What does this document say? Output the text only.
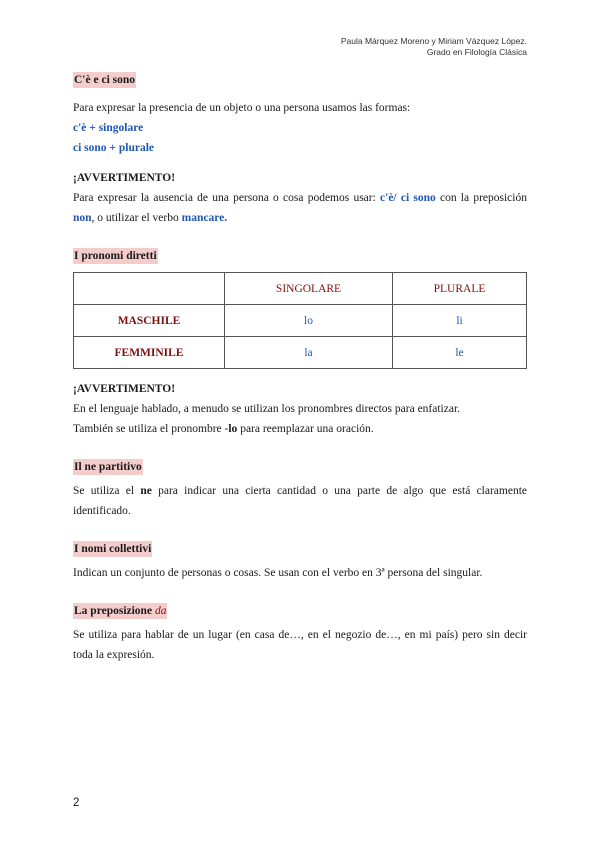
Paula Márquez Moreno y Miriam Vázquez López.
Grado en Filología Clásica
C'è e ci sono

Para expresar la presencia de un objeto o una persona usamos las formas:

c'è + singolare

ci sono + plurale

¡AVVERTIMENTO!

Para expresar la ausencia de una persona o cosa podemos usar: c'è/ ci sono con la preposición non, o utilizar el verbo mancare.

I pronomi diretti
	SINGOLARE	PLURALE
MASCHILE	lo	li
FEMMINILE	la	le

¡AVVERTIMENTO!

En el lenguaje hablado, a menudo se utilizan los pronombres directos para enfatizar.

También se utiliza el pronombre -lo para reemplazar una oración.

Il ne partitivo

Se utiliza el ne para indicar una cierta cantidad o una parte de algo que está claramente identificado.

I nomi collettivi

Indican un conjunto de personas o cosas. Se usan con el verbo en 3ª persona del singular.

La preposizione da

Se utiliza para hablar de un lugar (en casa de…, en el negozio de…, en mi país) pero sin decir toda la expresión.

2
